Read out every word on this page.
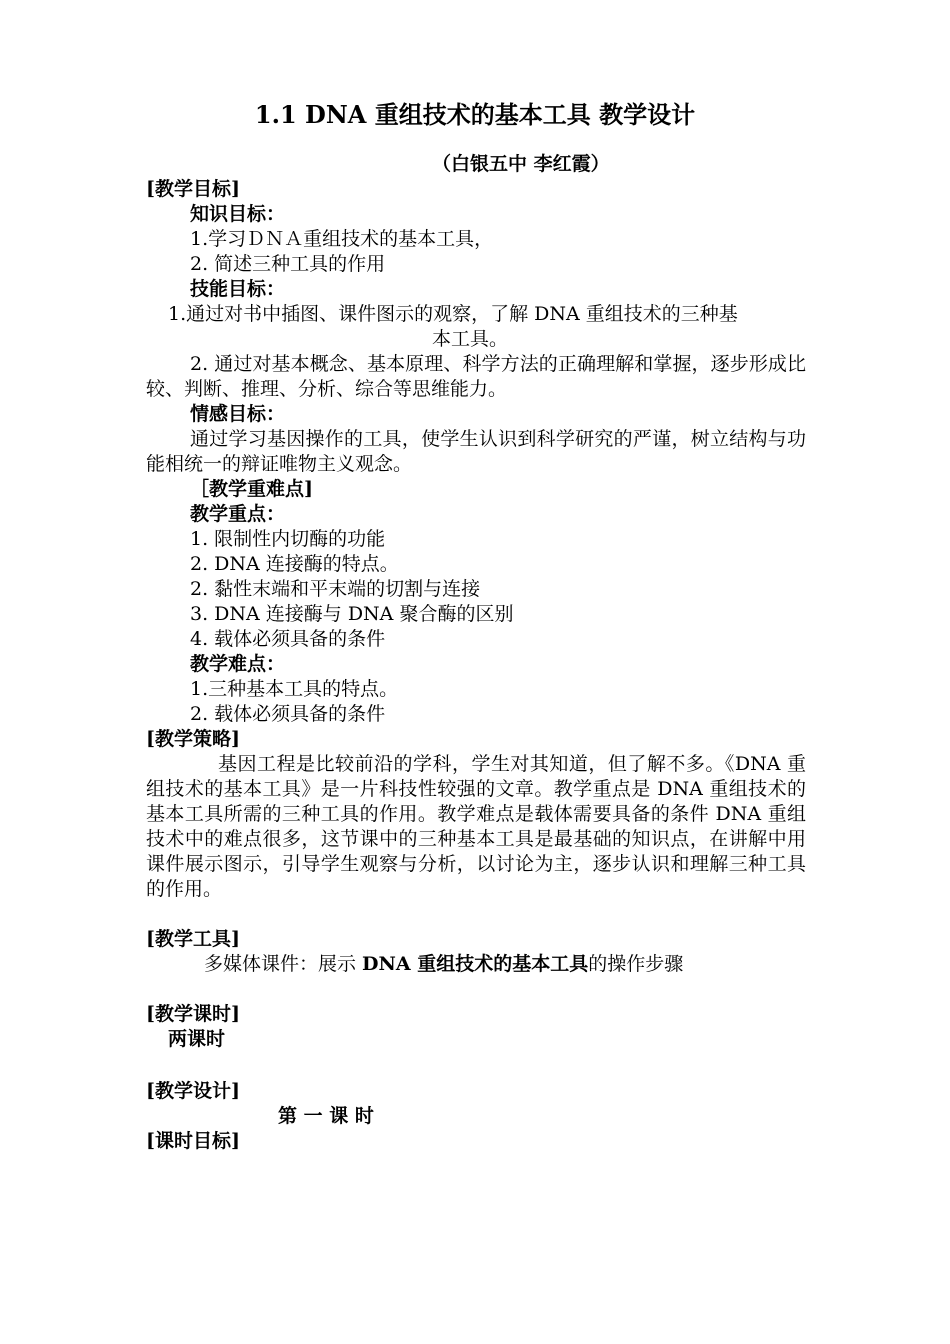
1.1 DNA 重组技术的基本工具 教学设计
（白银五中 李红霞）
[教学目标]
知识目标：
1.学习ＤＮＡ重组技术的基本工具，
2. 简述三种工具的作用
技能目标：
1.通过对书中插图、课件图示的观察，了解 DNA 重组技术的三种基
本工具。

2. 通过对基本概念、基本原理、科学方法的正确理解和掌握，逐步形成比较、判断、推理、分析、综合等思维能力。

情感目标：

通过学习基因操作的工具，使学生认识到科学研究的严谨，树立结构与功能相统一的辩证唯物主义观念。

［教学重难点]
教学重点：
1. 限制性内切酶的功能
2. DNA 连接酶的特点。
2. 黏性末端和平末端的切割与连接
3. DNA 连接酶与 DNA 聚合酶的区别
4. 载体必须具备的条件
教学难点：
1.三种基本工具的特点。
2. 载体必须具备的条件
[教学策略]

基因工程是比较前沿的学科，学生对其知道，但了解不多。《DNA 重组技术的基本工具》是一片科技性较强的文章。教学重点是 DNA 重组技术的基本工具所需的三种工具的作用。教学难点是载体需要具备的条件 DNA 重组技术中的难点很多，这节课中的三种基本工具是最基础的知识点，在讲解中用课件展示图示，引导学生观察与分析，以讨论为主，逐步认识和理解三种工具的作用。

[教学工具]
多媒体课件：展示 DNA 重组技术的基本工具的操作步骤
[教学课时]
两课时
[教学设计]
第 一 课 时
[课时目标]
